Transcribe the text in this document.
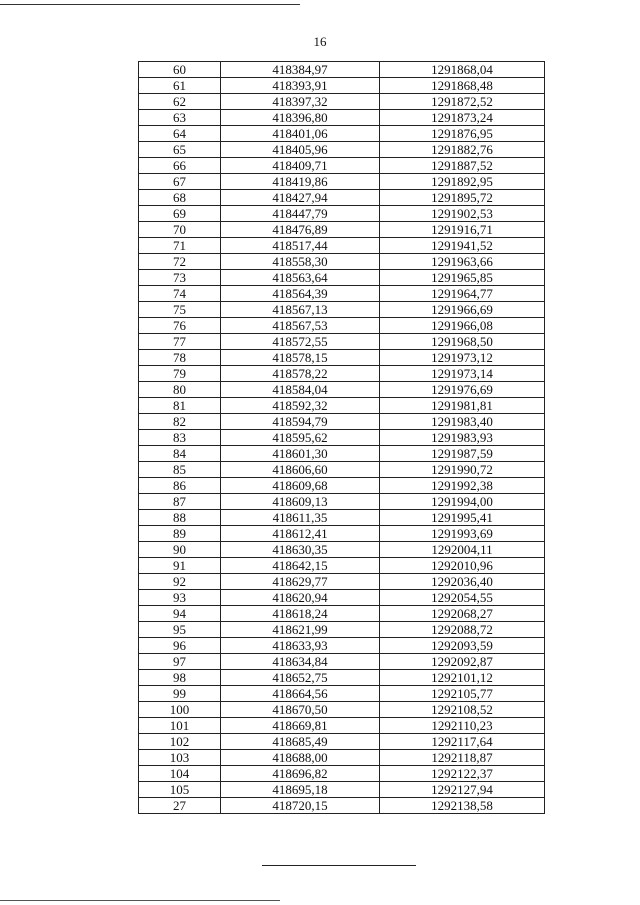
16
60	418384,97	1291868,04
61	418393,91	1291868,48
62	418397,32	1291872,52
63	418396,80	1291873,24
64	418401,06	1291876,95
65	418405,96	1291882,76
66	418409,71	1291887,52
67	418419,86	1291892,95
68	418427,94	1291895,72
69	418447,79	1291902,53
70	418476,89	1291916,71
71	418517,44	1291941,52
72	418558,30	1291963,66
73	418563,64	1291965,85
74	418564,39	1291964,77
75	418567,13	1291966,69
76	418567,53	1291966,08
77	418572,55	1291968,50
78	418578,15	1291973,12
79	418578,22	1291973,14
80	418584,04	1291976,69
81	418592,32	1291981,81
82	418594,79	1291983,40
83	418595,62	1291983,93
84	418601,30	1291987,59
85	418606,60	1291990,72
86	418609,68	1291992,38
87	418609,13	1291994,00
88	418611,35	1291995,41
89	418612,41	1291993,69
90	418630,35	1292004,11
91	418642,15	1292010,96
92	418629,77	1292036,40
93	418620,94	1292054,55
94	418618,24	1292068,27
95	418621,99	1292088,72
96	418633,93	1292093,59
97	418634,84	1292092,87
98	418652,75	1292101,12
99	418664,56	1292105,77
100	418670,50	1292108,52
101	418669,81	1292110,23
102	418685,49	1292117,64
103	418688,00	1292118,87
104	418696,82	1292122,37
105	418695,18	1292127,94
27	418720,15	1292138,58
